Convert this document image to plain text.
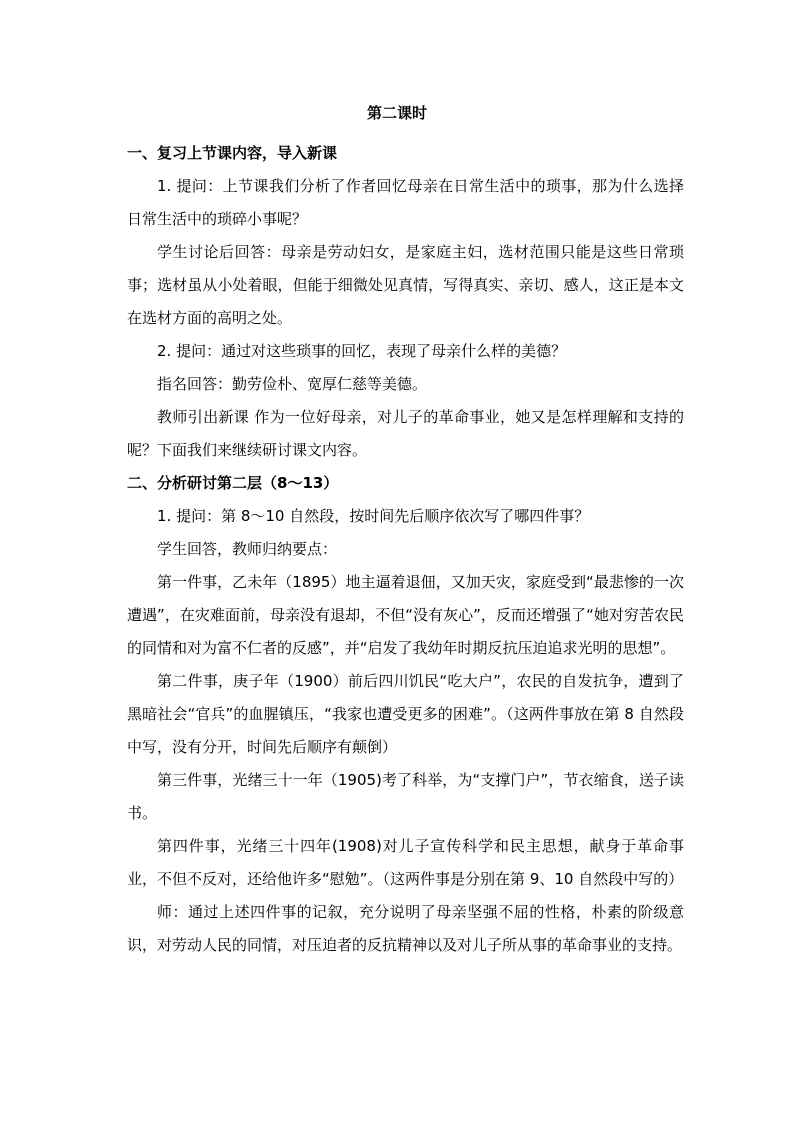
第二课时

一、复习上节课内容，导入新课

1. 提问：上节课我们分析了作者回忆母亲在日常生活中的琐事，那为什么选择日常生活中的琐碎小事呢？

学生讨论后回答：母亲是劳动妇女，是家庭主妇，选材范围只能是这些日常琐事；选材虽从小处着眼，但能于细微处见真情，写得真实、亲切、感人，这正是本文在选材方面的高明之处。

2. 提问：通过对这些琐事的回忆，表现了母亲什么样的美德？

指名回答：勤劳俭朴、宽厚仁慈等美德。

教师引出新课 作为一位好母亲，对儿子的革命事业，她又是怎样理解和支持的呢？下面我们来继续研讨课文内容。

二、分析研讨第二层（8～13）

1. 提问：第 8～10 自然段，按时间先后顺序依次写了哪四件事？

学生回答，教师归纳要点：

第一件事，乙未年（1895）地主逼着退佃，又加天灾，家庭受到“最悲惨的一次遭遇”，在灾难面前，母亲没有退却，不但“没有灰心”，反而还增强了“她对穷苦农民的同情和对为富不仁者的反感”，并“启发了我幼年时期反抗压迫追求光明的思想”。

第二件事，庚子年（1900）前后四川饥民“吃大户”，农民的自发抗争，遭到了黑暗社会“官兵”的血腥镇压，“我家也遭受更多的困难”。（这两件事放在第 8 自然段中写，没有分开，时间先后顺序有颠倒）

第三件事，光绪三十一年（1905)考了科举，为“支撑门户”，节衣缩食，送子读书。

第四件事，光绪三十四年(1908)对儿子宣传科学和民主思想，献身于革命事业，不但不反对，还给他许多“慰勉”。（这两件事是分别在第 9、10 自然段中写的）

师：通过上述四件事的记叙，充分说明了母亲坚强不屈的性格，朴素的阶级意识，对劳动人民的同情，对压迫者的反抗精神以及对儿子所从事的革命事业的支持。
